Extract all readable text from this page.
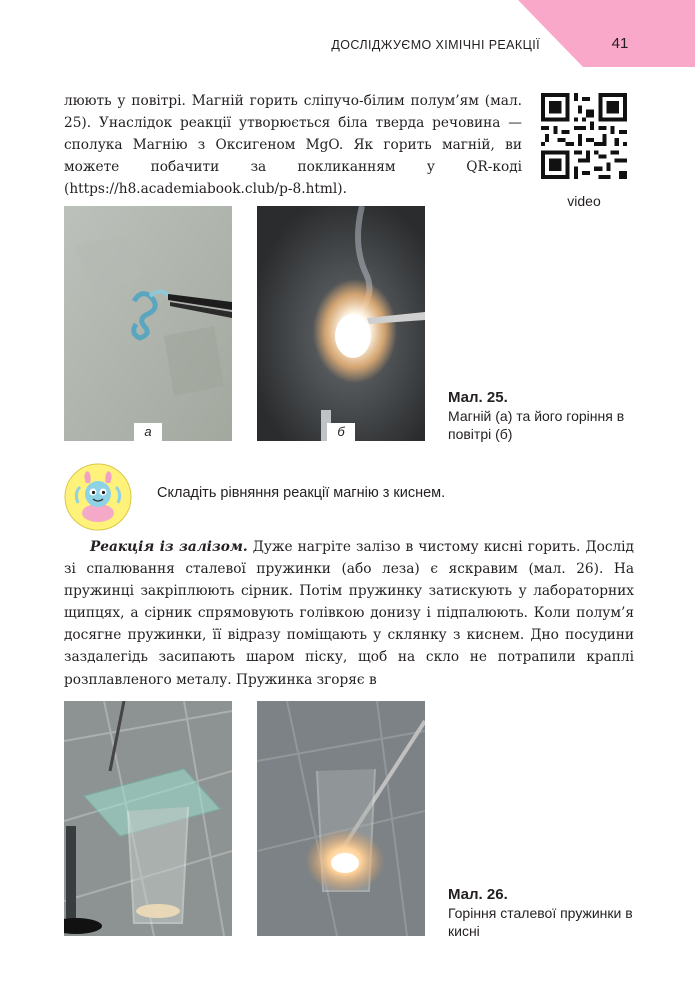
ДОСЛІДЖУЄМО ХІМІЧНІ РЕАКЦІЇ	41

люють у повітрі. Магній горить сліпучо-білим полум’ям (мал. 25). Унаслідок реакції утворюється біла тверда речовина — сполука Магнію з Оксигеном MgO. Як горить магній, ви можете побачити за покликанням у QR-коді (https://h8.academiabook.club/p-8.html).

video
а	б
Мал. 25.
Магній (а) та його горіння в повітрі (б)
Складіть рівняння реакції магнію з киснем.

Реакція із залізом. Дуже нагріте залізо в чистому кисні горить. Дослід зі спалювання сталевої пружинки (або леза) є яскравим (мал. 26). На пружинці закріплюють сірник. Потім пружинку затискують у лабораторних щипцях, а сірник спрямовують голівкою донизу і підпалюють. Коли полум’я досягне пружинки, її відразу поміщають у склянку з киснем. Дно посудини заздалегідь засипають шаром піску, щоб на скло не потрапили краплі розплавленого металу. Пружинка згоряє в

Мал. 26.
Горіння сталевої пружинки в кисні
